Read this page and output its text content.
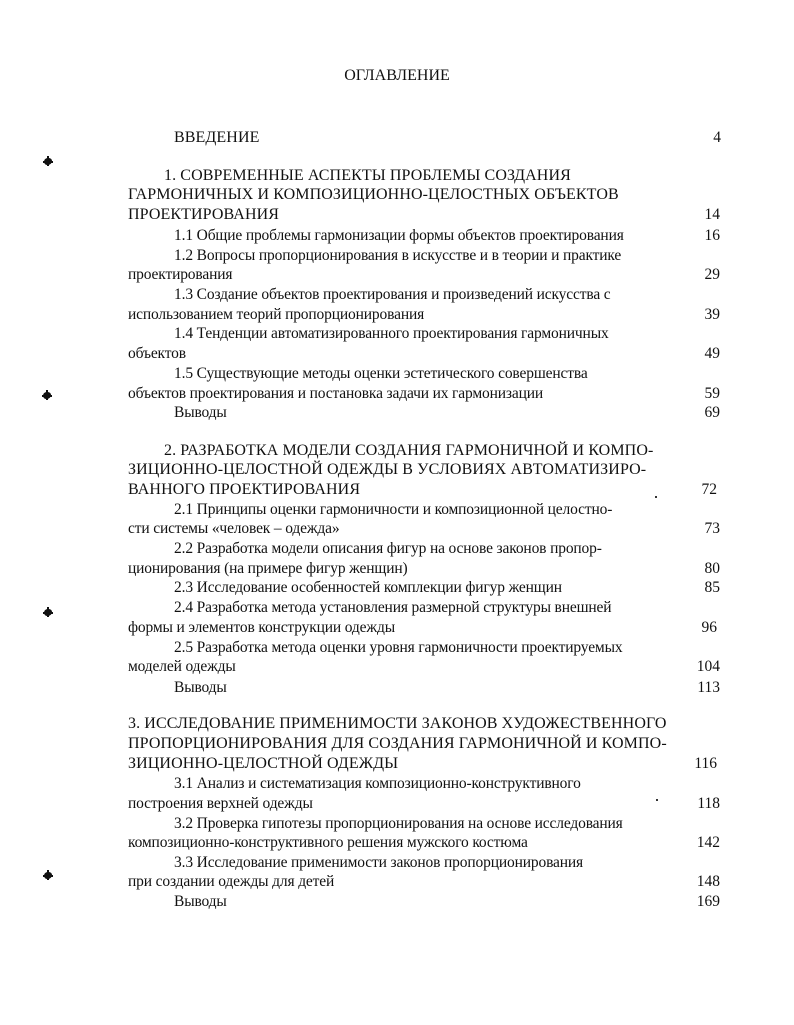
ОГЛАВЛЕНИЕ
ВВЕДЕНИЕ	4
1. СОВРЕМЕННЫЕ АСПЕКТЫ ПРОБЛЕМЫ СОЗДАНИЯ
ГАРМОНИЧНЫХ И КОМПОЗИЦИОННО-ЦЕЛОСТНЫХ ОБЪЕКТОВ
ПРОЕКТИРОВАНИЯ	14
1.1 Общие проблемы гармонизации формы объектов проектирования	16
1.2 Вопросы пропорционирования в искусстве и в теории и практике
проектирования	29
1.3 Создание объектов проектирования и произведений искусства с
использованием теорий пропорционирования	39
1.4 Тенденции автоматизированного проектирования гармоничных
объектов	49
1.5 Существующие методы оценки эстетического совершенства
объектов проектирования и постановка задачи их гармонизации	59
Выводы	69
2. РАЗРАБОТКА МОДЕЛИ СОЗДАНИЯ ГАРМОНИЧНОЙ И КОМПО-
ЗИЦИОННО-ЦЕЛОСТНОЙ ОДЕЖДЫ В УСЛОВИЯХ АВТОМАТИЗИРО-
ВАННОГО ПРОЕКТИРОВАНИЯ	72
2.1 Принципы оценки гармоничности и композиционной целостно-
сти системы «человек – одежда»	73
2.2 Разработка модели описания фигур на основе законов пропор-
ционирования (на примере фигур женщин)	80
2.3 Исследование особенностей комплекции фигур женщин	85
2.4 Разработка метода установления размерной структуры внешней
формы и элементов конструкции одежды	96
2.5 Разработка метода оценки уровня гармоничности проектируемых
моделей одежды	104
Выводы	113
3. ИССЛЕДОВАНИЕ ПРИМЕНИМОСТИ ЗАКОНОВ ХУДОЖЕСТВЕННОГО
ПРОПОРЦИОНИРОВАНИЯ ДЛЯ СОЗДАНИЯ ГАРМОНИЧНОЙ И КОМПО-
ЗИЦИОННО-ЦЕЛОСТНОЙ ОДЕЖДЫ	116
3.1 Анализ и систематизация композиционно-конструктивного
построения верхней одежды	118
3.2 Проверка гипотезы пропорционирования на основе исследования
композиционно-конструктивного решения мужского костюма	142
3.3 Исследование применимости законов пропорционирования
при создании одежды для детей	148
Выводы	169
